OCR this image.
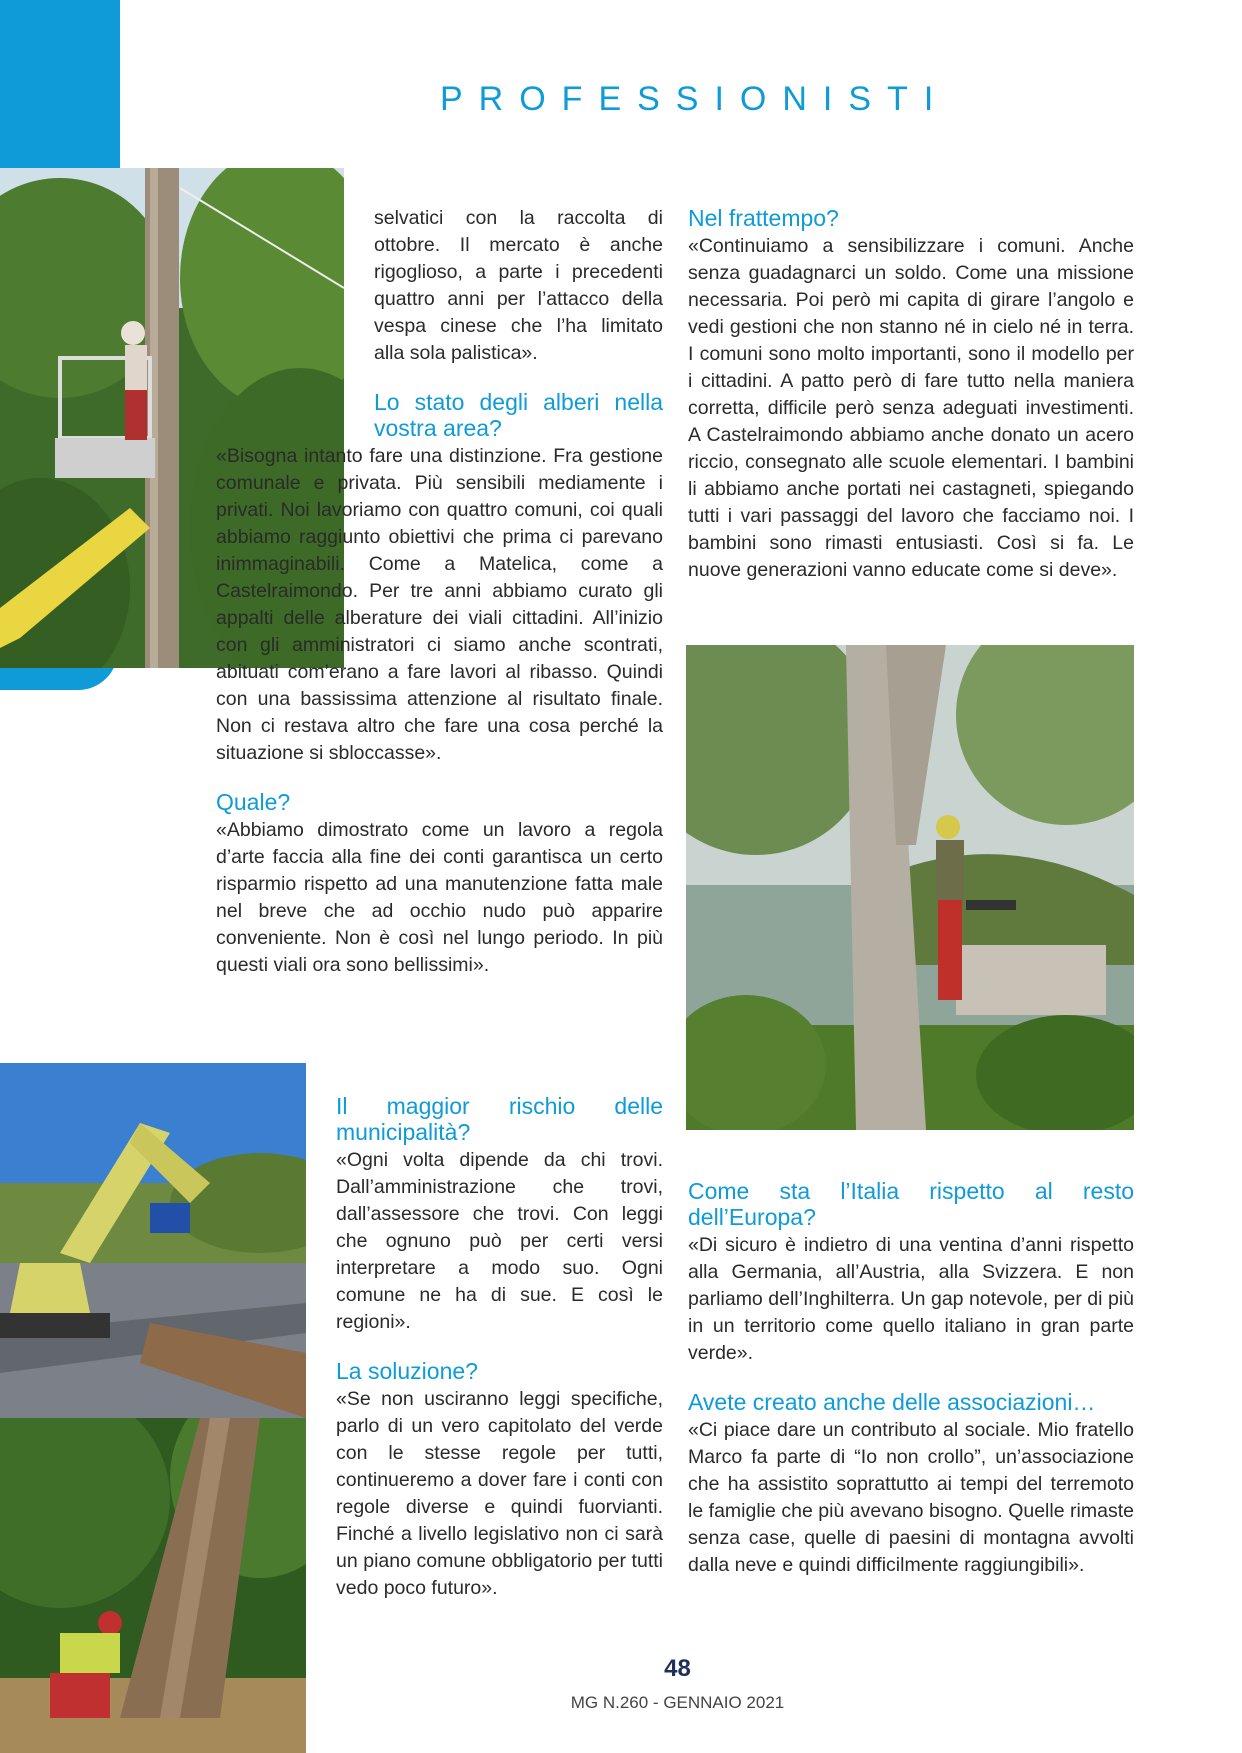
PROFESSIONISTI

selvatici con la raccolta di ottobre. Il mercato è anche rigoglioso, a parte i precedenti quattro anni per l’attacco della vespa cinese che l’ha limitato alla sola palistica».

Lo stato degli alberi nella vostra area?

«Bisogna intanto fare una distinzione. Fra gestione comunale e privata. Più sensibili mediamente i privati. Noi lavoriamo con quattro comuni, coi quali abbiamo raggiunto obiettivi che prima ci parevano inimmaginabili. Come a Matelica, come a Castelraimondo. Per tre anni abbiamo curato gli appalti delle alberature dei viali cittadini. All’inizio con gli amministratori ci siamo anche scontrati, abituati com’erano a fare lavori al ribasso. Quindi con una bassissima attenzione al risultato finale. Non ci restava altro che fare una cosa perché la situazione si sbloccasse».

Quale?

«Abbiamo dimostrato come un lavoro a regola d’arte faccia alla fine dei conti garantisca un certo risparmio rispetto ad una manutenzione fatta male nel breve che ad occhio nudo può apparire conveniente. Non è così nel lungo periodo. In più questi viali ora sono bellissimi».

Il maggior rischio delle municipalità?

«Ogni volta dipende da chi trovi. Dall’amministrazione che trovi, dall’assessore che trovi. Con leggi che ognuno può per certi versi interpretare a modo suo. Ogni comune ne ha di sue. E così le regioni».

La soluzione?

«Se non usciranno leggi specifiche, parlo di un vero capitolato del verde con le stesse regole per tutti, continueremo a dover fare i conti con regole diverse e quindi fuorvianti. Finché a livello legislativo non ci sarà un piano comune obbligatorio per tutti vedo poco futuro».

Nel frattempo?

«Continuiamo a sensibilizzare i comuni. Anche senza guadagnarci un soldo. Come una missione necessaria. Poi però mi capita di girare l’angolo e vedi gestioni che non stanno né in cielo né in terra. I comuni sono molto importanti, sono il modello per i cittadini. A patto però di fare tutto nella maniera corretta, difficile però senza adeguati investimenti. A Castelraimondo abbiamo anche donato un acero riccio, consegnato alle scuole elementari. I bambini li abbiamo anche portati nei castagneti, spiegando tutti i vari passaggi del lavoro che facciamo noi. I bambini sono rimasti entusiasti. Così si fa. Le nuove generazioni vanno educate come si deve».

Come sta l’Italia rispetto al resto dell’Europa?

«Di sicuro è indietro di una ventina d’anni rispetto alla Germania, all’Austria, alla Svizzera. E non parliamo dell’Inghilterra. Un gap notevole, per di più in un territorio come quello italiano in gran parte verde».

Avete creato anche delle associazioni…

«Ci piace dare un contributo al sociale. Mio fratello Marco fa parte di “Io non crollo”, un’associazione che ha assistito soprattutto ai tempi del terremoto le famiglie che più avevano bisogno. Quelle rimaste senza case, quelle di paesini di montagna avvolti dalla neve e quindi difficilmente raggiungibili».

48
MG N.260 - GENNAIO 2021
